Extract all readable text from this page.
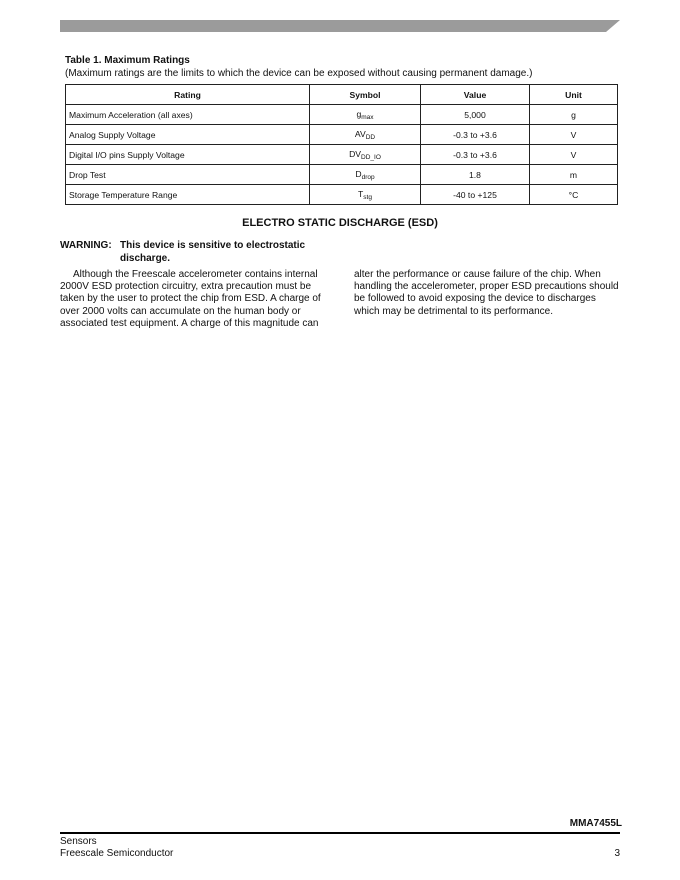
Table 1. Maximum Ratings
(Maximum ratings are the limits to which the device can be exposed without causing permanent damage.)
Rating	Symbol	Value	Unit
Maximum Acceleration (all axes)	$g_{max}$	5,000	g
Analog Supply Voltage	$AV_{DD}$	-0.3 to +3.6	V
Digital I/O pins Supply Voltage	$DV_{DD\_IO}$	-0.3 to +3.6	V
Drop Test	$D_{drop}$	1.8	m
Storage Temperature Range	$T_{stg}$	-40 to +125	°C
ELECTRO STATIC DISCHARGE (ESD)
WARNING: This device is sensitive to electrostatic discharge.
Although the Freescale accelerometer contains internal 2000V ESD protection circuitry, extra precaution must be taken by the user to protect the chip from ESD. A charge of over 2000 volts can accumulate on the human body or associated test equipment. A charge of this magnitude can
alter the performance or cause failure of the chip. When handling the accelerometer, proper ESD precautions should be followed to avoid exposing the device to discharges which may be detrimental to its performance.
MMA7455L
Sensors
Freescale Semiconductor	3
